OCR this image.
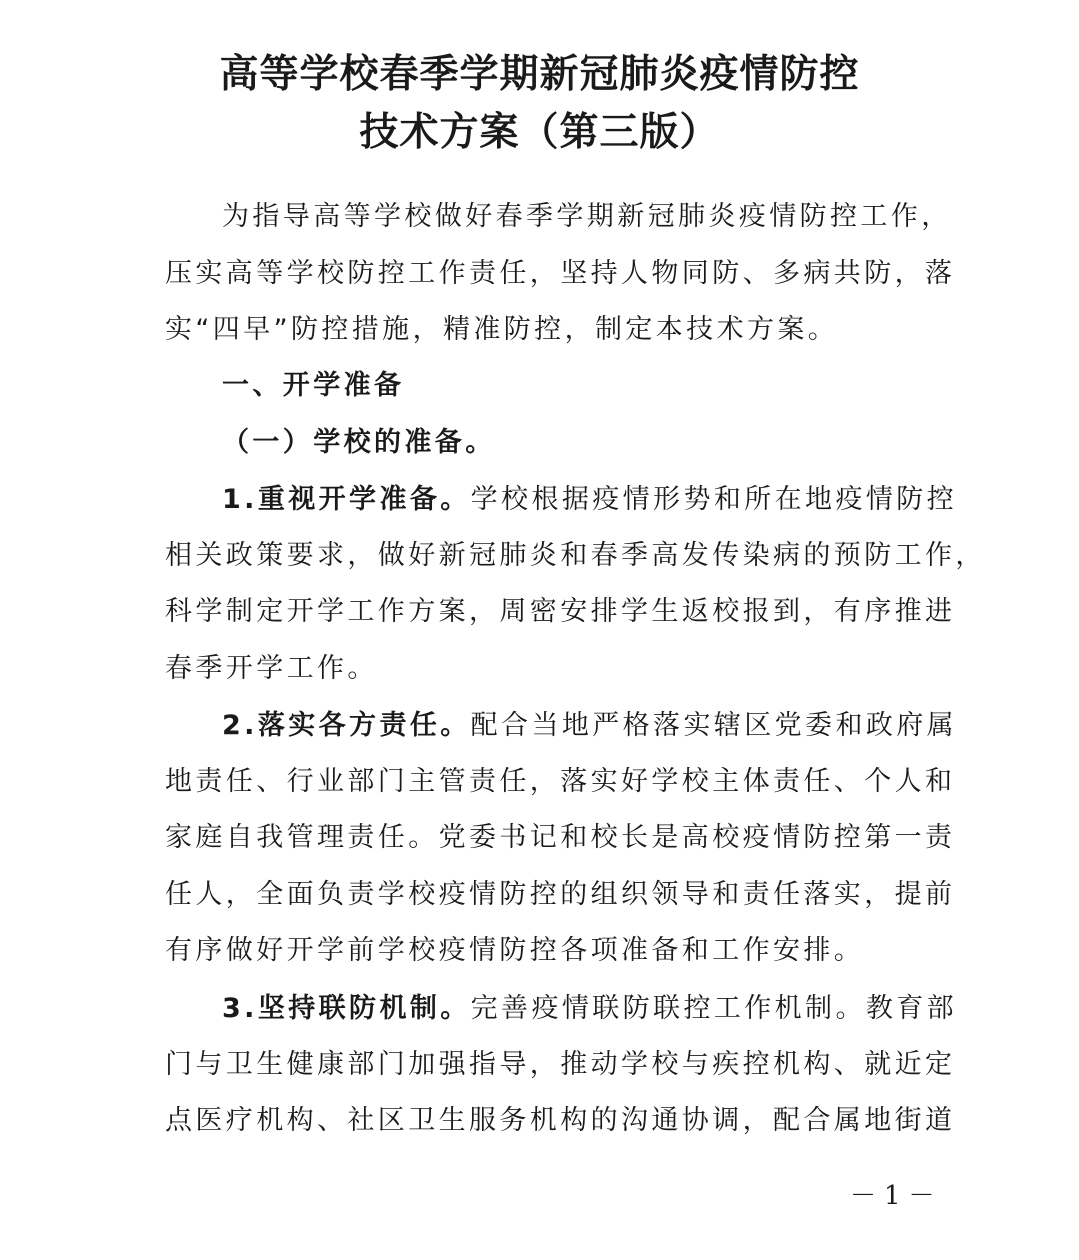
高等学校春季学期新冠肺炎疫情防控
技术方案（第三版）
为指导高等学校做好春季学期新冠肺炎疫情防控工作，
压实高等学校防控工作责任，坚持人物同防、多病共防，落
实“四早”防控措施，精准防控，制定本技术方案。
一、开学准备
（一）学校的准备。
1.重视开学准备。学校根据疫情形势和所在地疫情防控
相关政策要求，做好新冠肺炎和春季高发传染病的预防工作，
科学制定开学工作方案，周密安排学生返校报到，有序推进
春季开学工作。
2.落实各方责任。配合当地严格落实辖区党委和政府属
地责任、行业部门主管责任，落实好学校主体责任、个人和
家庭自我管理责任。党委书记和校长是高校疫情防控第一责
任人，全面负责学校疫情防控的组织领导和责任落实，提前
有序做好开学前学校疫情防控各项准备和工作安排。
3.坚持联防机制。完善疫情联防联控工作机制。教育部
门与卫生健康部门加强指导，推动学校与疾控机构、就近定
点医疗机构、社区卫生服务机构的沟通协调，配合属地街道
－1－
